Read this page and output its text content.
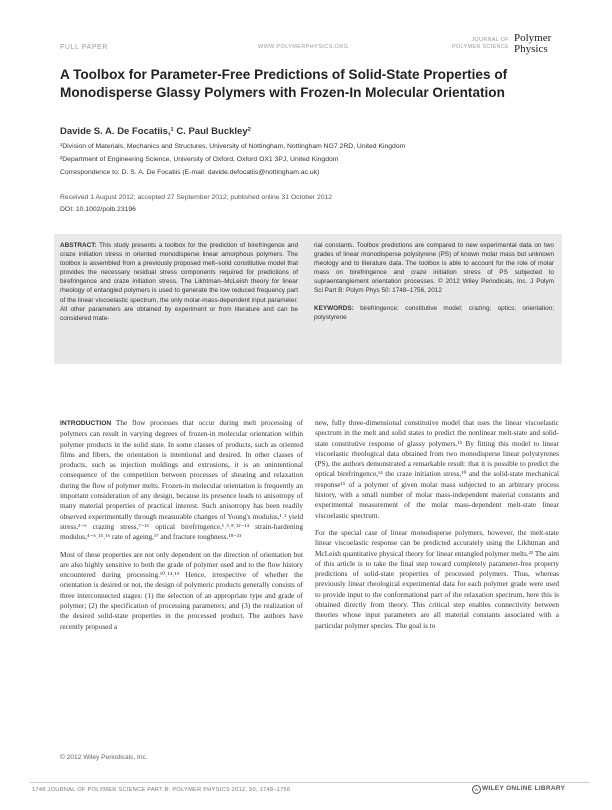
FULL PAPER	WWW.POLYMERPHYSICS.ORG
JOURNAL OF
POLYMER SCIENCE
Polymer
Physics
A Toolbox for Parameter-Free Predictions of Solid-State Properties of Monodisperse Glassy Polymers with Frozen-In Molecular Orientation
Davide S. A. De Focatiis,¹ C. Paul Buckley²
¹Division of Materials, Mechanics and Structures, University of Nottingham, Nottingham NG7 2RD, United Kingdom
²Department of Engineering Science, University of Oxford, Oxford OX1 3PJ, United Kingdom
Correspondence to: D. S. A. De Focatiis (E-mail: davide.defocatiis@nottingham.ac.uk)
Received 1 August 2012; accepted 27 September 2012; published online 31 October 2012
DOI: 10.1002/polb.23196
ABSTRACT: This study presents a toolbox for the prediction of birefringence and craze initiation stress in oriented monodisperse linear amorphous polymers. The toolbox is assembled from a previously proposed melt–solid constitutive model that provides the necessary residual stress components required for predictions of birefringence and craze initiation stress. The Likhtman–McLeish theory for linear rheology of entangled polymers is used to generate the low reduced frequency part of the linear viscoelastic spectrum, the only molar-mass-dependent input parameter. All other parameters are obtained by experiment or from literature and can be considered mate-
rial constants. Toolbox predictions are compared to new experimental data on two grades of linear monodisperse polystyrene (PS) of known molar mass but unknown rheology and to literature data. The toolbox is able to account for the role of molar mass on birefringence and craze initiation stress of PS subjected to supraentanglement orientation processes. © 2012 Wiley Periodicals, Inc. J Polym Sci Part B: Polym Phys 50: 1748–1756, 2012
KEYWORDS: birefringence; constitutive model; crazing; optics; orientation; polystyrene

INTRODUCTION The flow processes that occur during melt processing of polymers can result in varying degrees of frozen-in molecular orientation within polymer products in the solid state. In some classes of products, such as oriented films and fibers, the orientation is intentional and desired. In other classes of products, such as injection moldings and extrusions, it is an unintentional consequence of the competition between processes of shearing and relaxation during the flow of polymer melts. Frozen-in molecular orientation is frequently an important consideration of any design, because its presence leads to anisotropy of many material properties of practical interest. Such anisotropy has been readily observed experimentally through measurable changes of Young's modulus,¹˒² yield stress,³⁻⁶ crazing stress,⁷⁻¹¹ optical birefringence,¹˒³˒⁸˒¹²⁻¹⁴ strain-hardening modulus,⁴⁻⁶˒¹⁵˒¹⁶ rate of ageing,¹⁷ and fracture toughness.¹⁸⁻²¹

Most of these properties are not only dependent on the direction of orientation but are also highly sensitive to both the grade of polymer used and to the flow history encountered during processing.¹⁰˒¹⁴˒¹⁵ Hence, irrespective of whether the orientation is desired or not, the design of polymeric products generally consists of three interconnected stages: (1) the selection of an appropriate type and grade of polymer; (2) the specification of processing parameters; and (3) the realization of the desired solid-state properties in the processed product. The authors have recently proposed a

new, fully three-dimensional constitutive model that uses the linear viscoelastic spectrum in the melt and solid states to predict the nonlinear melt-state and solid-state constitutive response of glassy polymers.¹⁵ By fitting this model to linear viscoelastic rheological data obtained from two monodisperse linear polystyrenes (PS), the authors demonstrated a remarkable result: that it is possible to predict the optical birefringence,¹⁴ the craze initiation stress,¹⁰ and the solid-state mechanical response¹⁵ of a polymer of given molar mass subjected to an arbitrary process history, with a small number of molar mass-independent material constants and experimental measurement of the molar mass-dependent melt-state linear viscoelastic spectrum.

For the special case of linear monodisperse polymers, however, the melt-state linear viscoelastic response can be predicted accurately using the Likhtman and McLeish quantitative physical theory for linear entangled polymer melts.²² The aim of this article is to take the final step toward completely parameter-free property predictions of solid-state properties of processed polymers. Thus, whereas previously linear rheological experimental data for each polymer grade were used to provide input to the conformational part of the relaxation spectrum, here this is obtained directly from theory. This critical step enables connectivity between theories whose input parameters are all material constants associated with a particular polymer species. The goal is to

© 2012 Wiley Periodicals, Inc.
1748 JOURNAL OF POLYMER SCIENCE PART B: POLYMER PHYSICS 2012, 50, 1748–1756	W WILEY ONLINE LIBRARY
